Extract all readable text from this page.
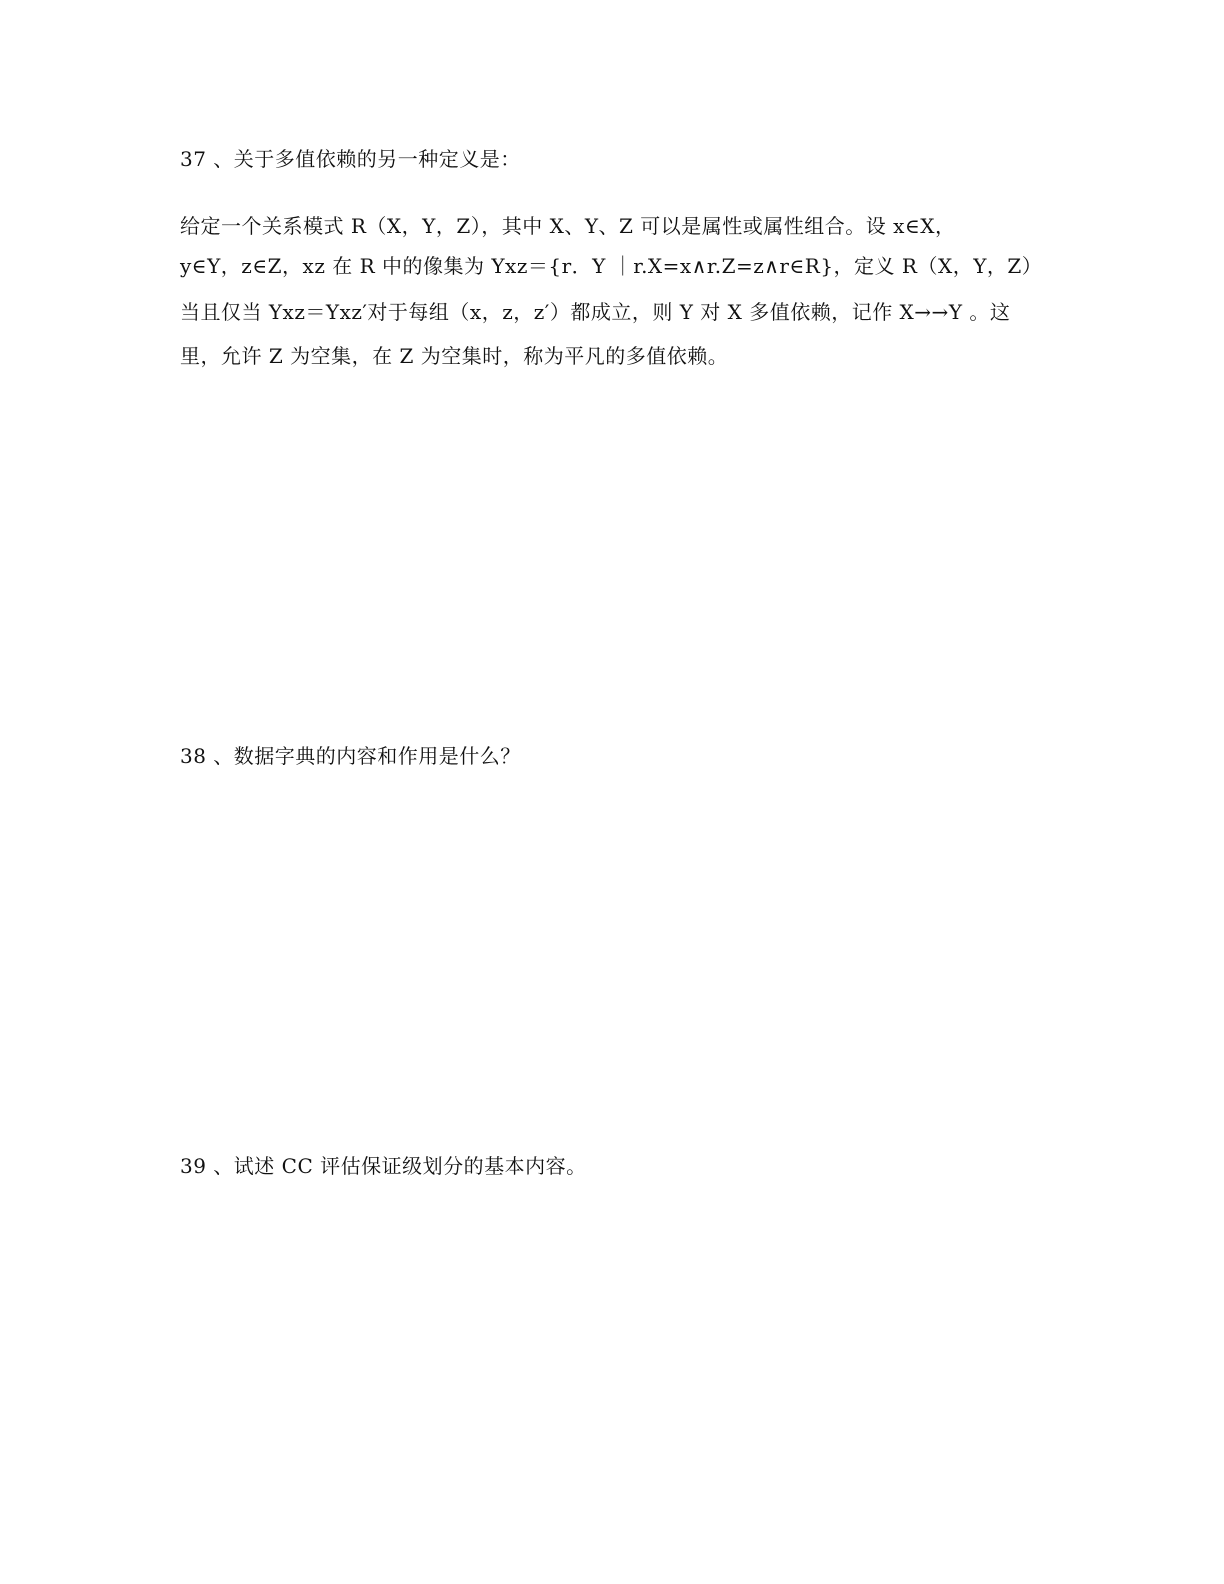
37 、关于多值依赖的另一种定义是：

给定一个关系模式 R（X，Y，Z），其中 X、Y、Z 可以是属性或属性组合。设 x∈X，
y∈Y，z∈Z，xz 在 R 中的像集为 Yxz＝{r．Y ｜r.X=x∧r.Z=z∧r∈R}，定义 R（X，Y，Z）
当且仅当 Yxz＝Yxz′对于每组（x，z，z′）都成立，则 Y 对 X 多值依赖，记作 X→→Y 。这
里，允许 Z 为空集，在 Z 为空集时，称为平凡的多值依赖。

38 、数据字典的内容和作用是什么？

39 、试述 CC 评估保证级划分的基本内容。
